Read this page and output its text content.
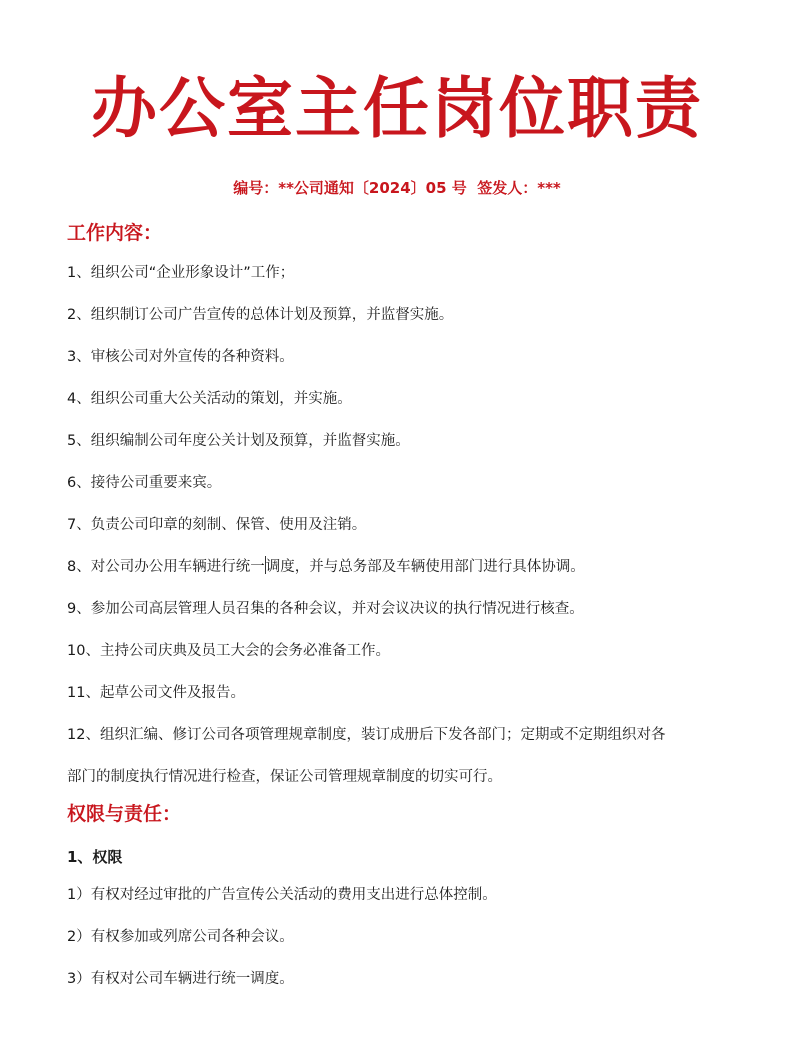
办公室主任岗位职责
编号：**公司通知〔2024〕05 号 签发人：***
工作内容：
1、组织公司“企业形象设计”工作；
2、组织制订公司广告宣传的总体计划及预算，并监督实施。
3、审核公司对外宣传的各种资料。
4、组织公司重大公关活动的策划，并实施。
5、组织编制公司年度公关计划及预算，并监督实施。
6、接待公司重要来宾。
7、负责公司印章的刻制、保管、使用及注销。
8、对公司办公用车辆进行统一调度，并与总务部及车辆使用部门进行具体协调。
9、参加公司高层管理人员召集的各种会议，并对会议决议的执行情况进行核查。
10、主持公司庆典及员工大会的会务必准备工作。
11、起草公司文件及报告。
12、组织汇编、修订公司各项管理规章制度，装订成册后下发各部门；定期或不定期组织对各
部门的制度执行情况进行检查，保证公司管理规章制度的切实可行。
权限与责任：
1、权限
1）有权对经过审批的广告宣传公关活动的费用支出进行总体控制。
2）有权参加或列席公司各种会议。
3）有权对公司车辆进行统一调度。
